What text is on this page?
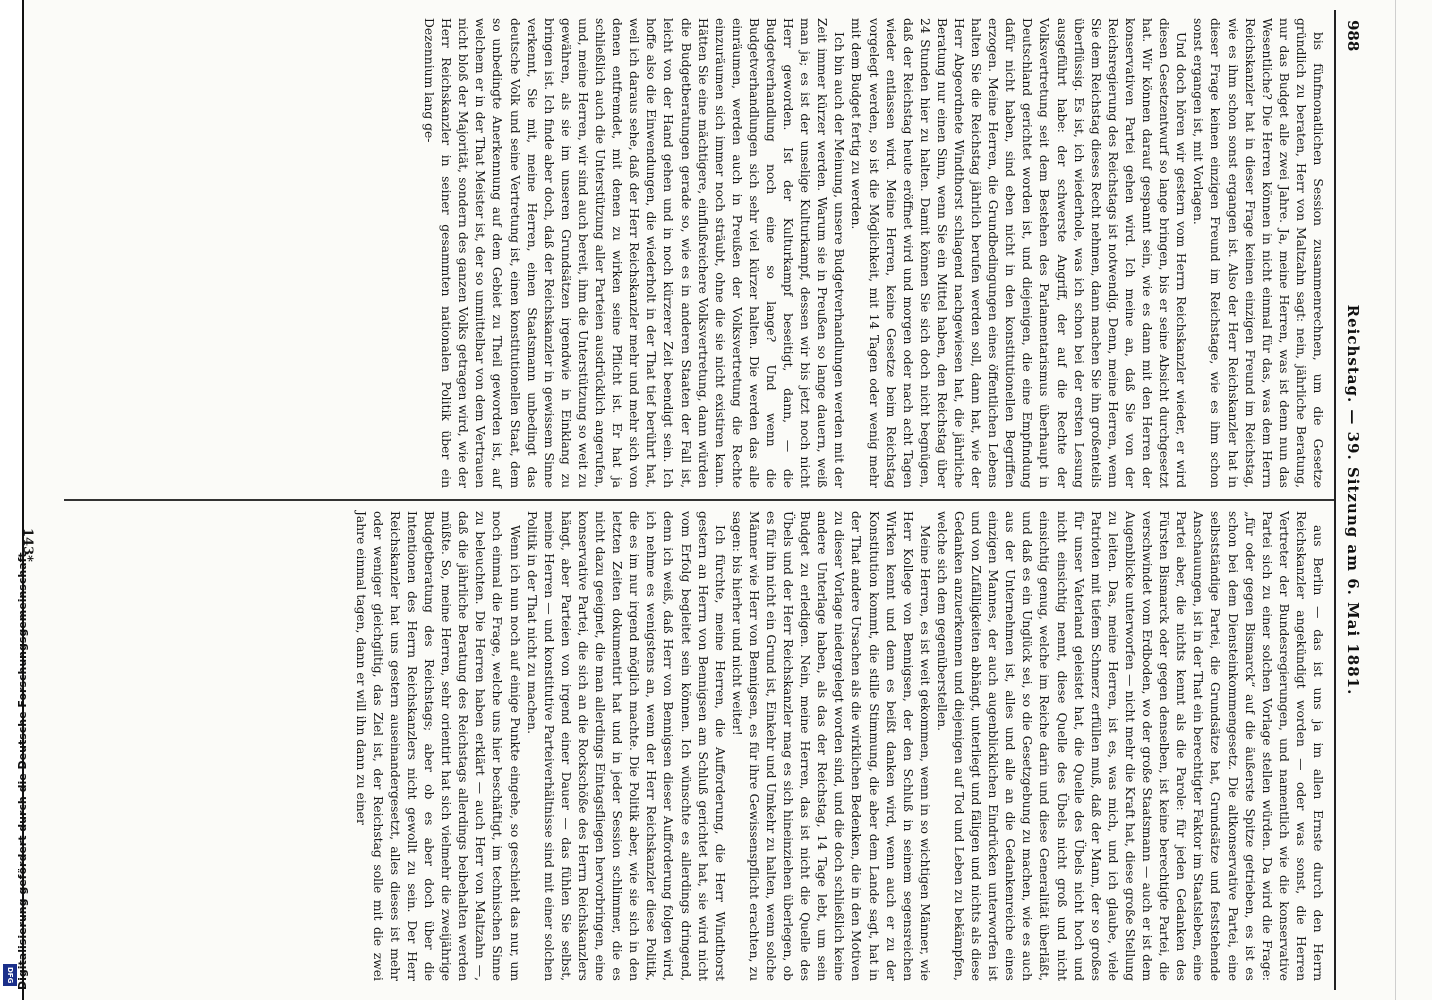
DFG Digitalisierung gefördert durch die Deutsche Forschungsgemeinschaft
988
Reichstag. — 39. Sitzung am 6. Mai 1881.

bis fünfmonatlichen Session zusammenrechnen, um die Gesetze gründlich zu beraten, Herr von Maltzahn sagt: nein, jährliche Beratung, nur das Budget alle zwei Jahre. Ja, meine Herren, was ist denn nun das Wesentliche? Die Herren können in nicht einmal für das, was dem Herrn Reichskanzler hat in dieser Frage keinen einzigen Freund im Reichstag, wie es ihm schon sonst ergangen ist. Also der Herr Reichskanzler hat in dieser Frage keinen einzigen Freund im Reichstage, wie es ihm schon sonst ergangen ist, mit Vorlagen.

Und doch hören wir gestern vom Herrn Reichskanzler wieder, er wird diesen Gesetzentwurf so lange bringen, bis er seine Absicht durchgesetzt hat. Wir können darauf gespannt sein, wie es dann mit den Herren der konservativen Partei gehen wird. Ich meine an, daß Sie von der Reichsregierung des Reichstags ist notwendig. Denn, meine Herren, wenn Sie dem Reichstag dieses Recht nehmen, dann machen Sie ihn großenteils überflüssig. Es ist, ich wiederhole, was ich schon bei der ersten Lesung ausgeführt habe: der schwerste Angriff, der auf die Rechte der Volksvertretung seit dem Bestehen des Parlamentarismus überhaupt in Deutschland gerichtet worden ist, und diejenigen, die eine Empfindung dafür nicht haben, sind eben nicht in den konstitutionellen Begriffen erzogen. Meine Herren, die Grundbedingungen eines öffentlichen Lebens halten Sie die Reichstag jährlich berufen werden soll, dann hat, wie der Herr Abgeordnete Windthorst schlagend nachgewiesen hat, die jährliche Beratung nur einen Sinn, wenn Sie ein Mittel haben, den Reichstag über 24 Stunden hier zu halten. Damit können Sie sich doch nicht begnügen, daß der Reichstag heute eröffnet wird und morgen oder nach acht Tagen wieder entlassen wird. Meine Herren, keine Gesetze beim Reichstag vorgelegt werden, so ist die Möglichkeit, mit 14 Tagen oder wenig mehr mit dem Budget fertig zu werden.

Ich bin auch der Meinung, unsere Budgetverhandlungen werden mit der Zeit immer kürzer werden. Warum sie in Preußen so lange dauern, weiß man ja; es ist der unselige Kulturkampf, dessen wir bis jetzt noch nicht Herr geworden. Ist der Kulturkampf beseitigt, dann, — die Budgetverhandlung noch eine so lange? Und wenn die Budgetverhandlungen sich sehr viel kürzer halten. Die werden das alle einräumen, werden auch in Preußen der Volksvertretung die Rechte einzuräumen sich immer noch sträubt, ohne die sie nicht existiren kann. Hätten Sie eine mächtigere, einflußreichere Volksvertretung, dann würden die Budgetberatungen gerade so, wie es in anderen Staaten der Fall ist, leicht von der Hand gehen und in noch kürzerer Zeit beendigt sein. Ich hoffe also die Einwendungen, die wiederholt in der That tief berührt hat, weil ich daraus sehe, daß der Herr Reichskanzler mehr und mehr sich von denen entfremdet, mit denen zu wirken seine Pflicht ist. Er hat ja schließlich auch die Unterstützung aller Parteien ausdrücklich angerufen, und, meine Herren, wir sind auch bereit, ihm die Unterstützung so weit zu gewähren, als sie im unseren Grundsätzen irgendwie in Einklang zu bringen ist. Ich finde aber doch, daß der Reichskanzler in gewissem Sinne verkennt, Sie mit, meine Herren, einen Staatsmann unbedingt das deutsche Volk und seine Vertretung ist, einen konstitutionellen Staat, dem so unbedingte Anerkennung auf dem Gebiet zu Theil geworden ist, auf welchem er in der That Meister ist, der so unmittelbar von dem Vertrauen nicht bloß der Majorität, sondern des ganzen Volks getragen wird, wie der Herr Reichskanzler in seiner gesammten nationalen Politik über ein Dezennium lang ge-

143*	aus Berlin — das ist uns ja im allen Ernste durch den Herrn Reichskanzler angekündigt worden — oder was sonst, die Herren Vertreter der Bundesregierungen, und namentlich wie die konservative Partei sich zu einer solchen Vorlage stellen würden. Da wird die Frage: „für oder gegen Bismarck“ auf die äußerste Spitze getrieben, es ist es schon bei dem Diensteinkommengesetz. Die altkonservative Partei, eine selbstständige Partei, die Grundsätze hat, Grundsätze und feststehende Anschauungen, ist in der That ein berechtigter Faktor im Staatsleben, eine Partei aber, die nichts kennt als die Parole: für jeden Gedanken des Fürsten Bismarck oder gegen denselben, ist keine berechtigte Partei, die verschwindet vom Erdboden, wo der große Staatsmann — auch er ist dem Augenblicke unterworfen — nicht mehr die Kraft hat, diese große Stellung zu leiten. Das, meine Herren, ist es, was mich, und ich glaube, viele Patrioten mit tiefem Schmerz erfüllen muß, daß der Mann, der so großes für unser Vaterland geleistet hat, die Quelle des Übels nicht hoch und nicht einsichtig nennt, diese Quelle des Übels nicht groß und nicht einsichtig genug, welche im Reiche darin und diese Generalität überläßt, und daß es ein Unglück sei, so die Gesetzgebung zu machen, wie es auch aus der Unternehmen ist, alles und alle an die Gedankenreiche eines einzigen Mannes, der auch augenblicklichen Eindrücken unterworfen ist und von Zufälligkeiten abhängt, unterliegt und fäligen und nichts als diese Gedanken anzuerkennen und diejenigen auf Tod und Leben zu bekämpfen, welche sich dem gegenüberstellen.

Meine Herren, es ist weit gekommen, wenn in so wichtigen Männer, wie Herr Kollege von Bennigsen, der den Schluß in seinem segensreichen Wirken kennt und denn es beißt danken wird, wenn auch er zu der Konstitution kommt, die stille Stimmung, die aber dem Lande sagt, hat in der That andere Ursachen als die wirklichen Bedenken, die in den Motiven zu dieser Vorlage niedergelegt worden sind, und die doch schließlich keine andere Unterlage haben, als das der Reichstag, 14 Tage lebt, um sein Budget zu erledigen. Nein, meine Herren, das ist nicht die Quelle des Übels und der Herr Reichskanzler mag es sich hineinziehen überlegen, ob es für ihn nicht ein Grund ist, Einkehr und Umkehr zu halten, wenn solche Männer wie Herr von Bennigsen, es für ihre Gewissenspflicht erachten, zu sagen: bis hierher und nicht weiter!

Ich fürchte, meine Herren, die Aufforderung, die Herr Windthorst gestern an Herrn von Bennigsen am Schluß gerichtet hat, sie wird nicht vom Erfolg begleitet sein können. Ich wünschte es allerdings dringend, denn ich weiß, daß Herr von Bennigsen dieser Aufforderung folgen wird, ich nehme es wenigstens an, wenn der Herr Reichskanzler diese Politik, die es im nur irgend möglich machte. Die Politik aber, wie sie sich in den letzten Zeiten dokumentirt hat und in jeder Session schlimmer, die es nicht dazu geeignet, die man allerdings Eintagsfliegen hervorbringen, eine konservative Partei, die sich an die Rockschöße des Herrn Reichskanzlers hängt, aber Parteien von irgend einer Dauer — das fühlen Sie selbst, meine Herren — und konstitutive Parteiverhältnisse sind mit einer solchen Politik in der That nicht zu machen.

Wenn ich nun noch auf einige Punkte eingehe, so geschieht das nur, um noch einmal die Frage, welche uns hier beschäftigt, im technischen Sinne zu beleuchten. Die Herren haben erklärt — auch Herr von Maltzahn —, daß die jährliche Beratung des Reichstags allerdings beibehalten werden müßte. So, meine Herren, sehr orientirt hat sich vielmehr die zweijährige Budgetberatung des Reichstags; aber ob es aber doch über die Intentionen des Herrn Reichskanzlers nicht gewollt zu sein. Der Herr Reichskanzler hat uns gestern auseinandergesetzt, alles dieses ist mehr oder weniger gleichgiltig, das Ziel ist, der Reichstag solle mit die zwei Jahre einmal tagen, dann er will ihn dann zu einer
